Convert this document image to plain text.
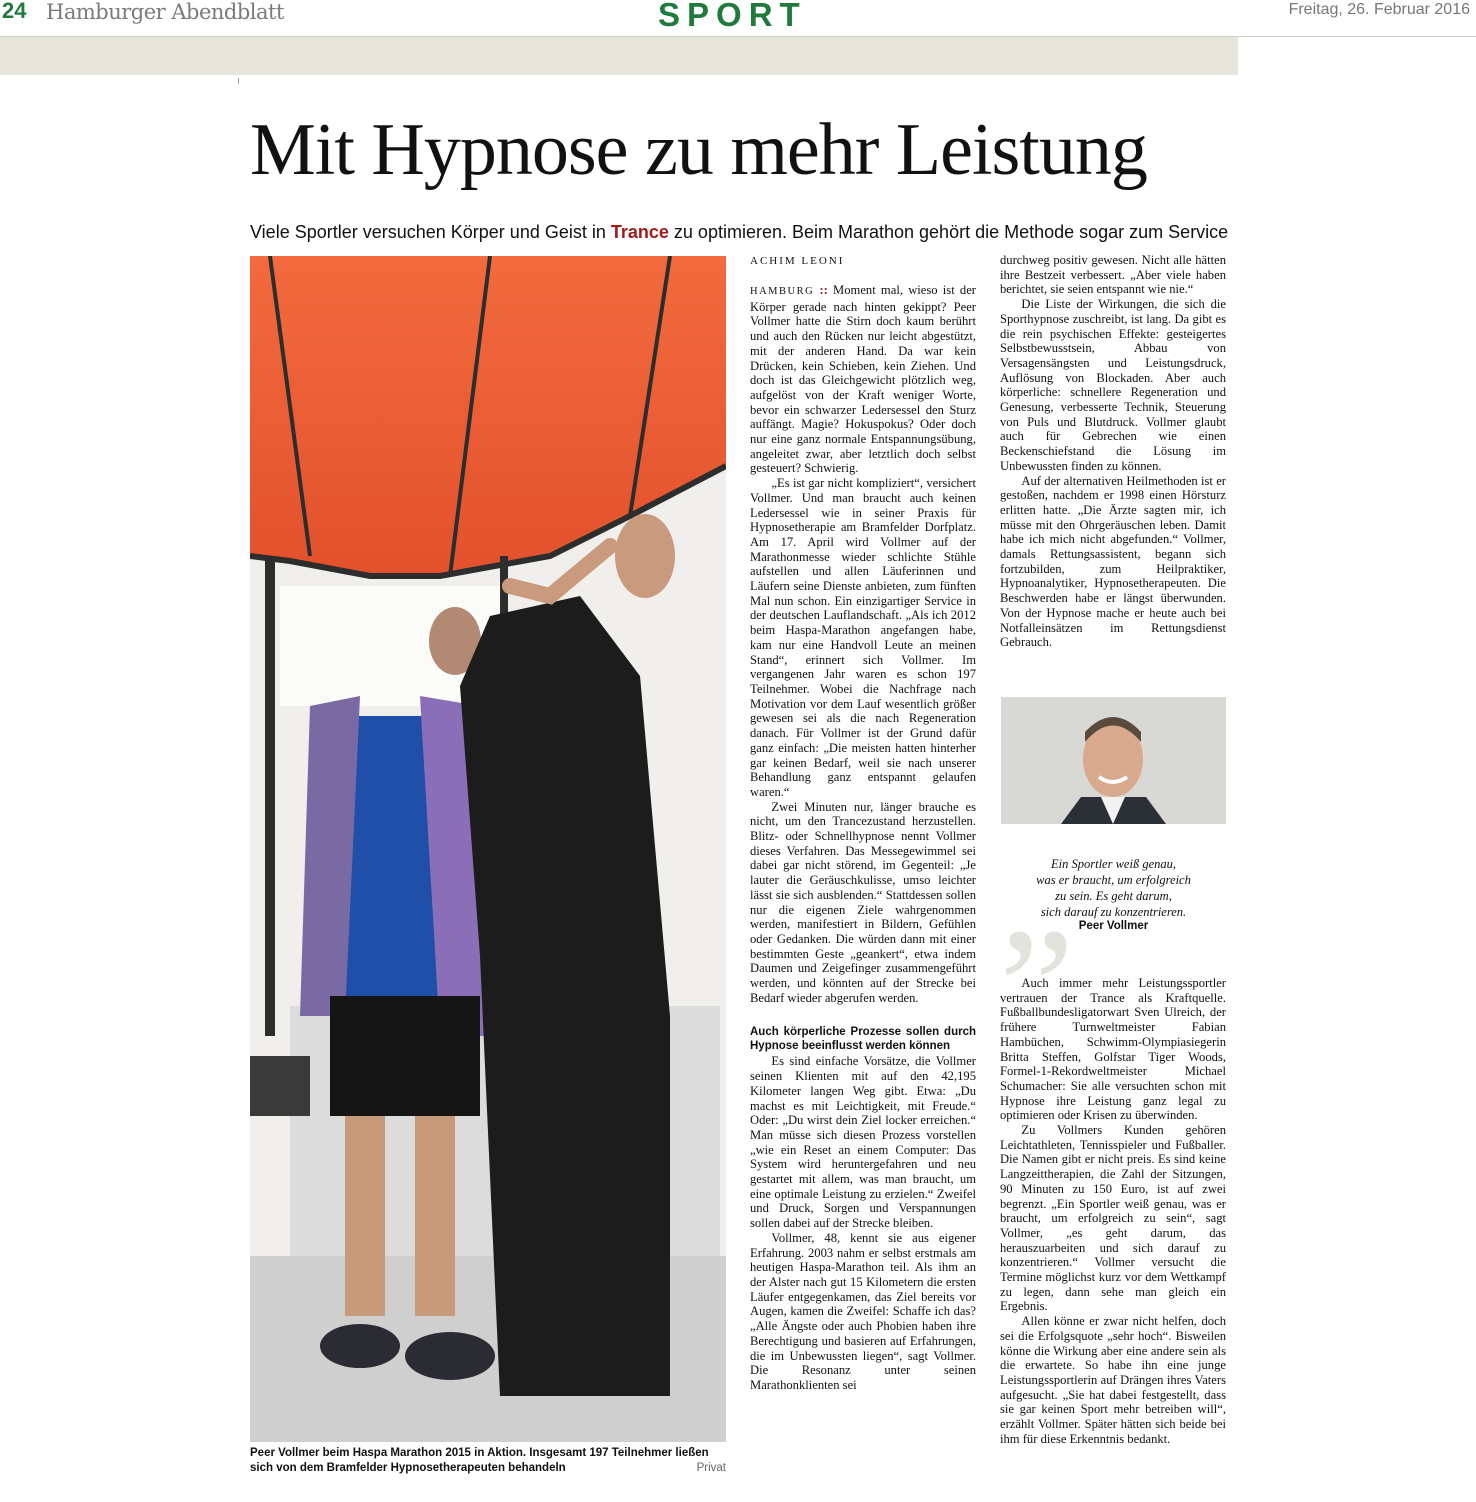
24 Hamburger Abendblatt	SPORT	Freitag, 26. Februar 2016
Mit Hypnose zu mehr Leistung
Viele Sportler versuchen Körper und Geist in Trance zu optimieren. Beim Marathon gehört die Methode sogar zum Service
Peer Vollmer beim Haspa Marathon 2015 in Aktion. Insgesamt 197 Teilnehmer ließen sich von dem Bramfelder Hypnosetherapeuten behandeln	Privat
ACHIM LEONI

HAMBURG :: Moment mal, wieso ist der Körper gerade nach hinten gekippt? Peer Vollmer hatte die Stirn doch kaum berührt und auch den Rücken nur leicht abgestützt, mit der anderen Hand. Da war kein Drücken, kein Schieben, kein Ziehen. Und doch ist das Gleichgewicht plötzlich weg, aufgelöst von der Kraft weniger Worte, bevor ein schwarzer Ledersessel den Sturz auffängt. Magie? Hokuspokus? Oder doch nur eine ganz normale Entspannungsübung, angeleitet zwar, aber letztlich doch selbst gesteuert? Schwierig.

„Es ist gar nicht kompliziert“, versichert Vollmer. Und man braucht auch keinen Ledersessel wie in seiner Praxis für Hypnosetherapie am Bramfelder Dorfplatz. Am 17. April wird Vollmer auf der Marathonmesse wieder schlichte Stühle aufstellen und allen Läuferinnen und Läufern seine Dienste anbieten, zum fünften Mal nun schon. Ein einzigartiger Service in der deutschen Lauflandschaft. „Als ich 2012 beim Haspa-Marathon angefangen habe, kam nur eine Handvoll Leute an meinen Stand“, erinnert sich Vollmer. Im vergangenen Jahr waren es schon 197 Teilnehmer. Wobei die Nachfrage nach Motivation vor dem Lauf wesentlich größer gewesen sei als die nach Regeneration danach. Für Vollmer ist der Grund dafür ganz einfach: „Die meisten hatten hinterher gar keinen Bedarf, weil sie nach unserer Behandlung ganz entspannt gelaufen waren.“

Zwei Minuten nur, länger brauche es nicht, um den Trancezustand herzustellen. Blitz- oder Schnellhypnose nennt Vollmer dieses Verfahren. Das Messegewimmel sei dabei gar nicht störend, im Gegenteil: „Je lauter die Geräuschkulisse, umso leichter lässt sie sich ausblenden.“ Stattdessen sollen nur die eigenen Ziele wahrgenommen werden, manifestiert in Bildern, Gefühlen oder Gedanken. Die würden dann mit einer bestimmten Geste „geankert“, etwa indem Daumen und Zeigefinger zusammengeführt werden, und könnten auf der Strecke bei Bedarf wieder abgerufen werden.

Auch körperliche Prozesse sollen durch Hypnose beeinflusst werden können

Es sind einfache Vorsätze, die Vollmer seinen Klienten mit auf den 42,195 Kilometer langen Weg gibt. Etwa: „Du machst es mit Leichtigkeit, mit Freude.“ Oder: „Du wirst dein Ziel locker erreichen.“ Man müsse sich diesen Prozess vorstellen „wie ein Reset an einem Computer: Das System wird heruntergefahren und neu gestartet mit allem, was man braucht, um eine optimale Leistung zu erzielen.“ Zweifel und Druck, Sorgen und Verspannungen sollen dabei auf der Strecke bleiben.

Vollmer, 48, kennt sie aus eigener Erfahrung. 2003 nahm er selbst erstmals am heutigen Haspa-Marathon teil. Als ihm an der Alster nach gut 15 Kilometern die ersten Läufer entgegenkamen, das Ziel bereits vor Augen, kamen die Zweifel: Schaffe ich das? „Alle Ängste oder auch Phobien haben ihre Berechtigung und basieren auf Erfahrungen, die im Unbewussten liegen“, sagt Vollmer. Die Resonanz unter seinen Marathonklienten sei

durchweg positiv gewesen. Nicht alle hätten ihre Bestzeit verbessert. „Aber viele haben berichtet, sie seien entspannt wie nie.“

Die Liste der Wirkungen, die sich die Sporthypnose zuschreibt, ist lang. Da gibt es die rein psychischen Effekte: gesteigertes Selbstbewusstsein, Abbau von Versagensängsten und Leistungsdruck, Auflösung von Blockaden. Aber auch körperliche: schnellere Regeneration und Genesung, verbesserte Technik, Steuerung von Puls und Blutdruck. Vollmer glaubt auch für Gebrechen wie einen Beckenschiefstand die Lösung im Unbewussten finden zu können.

Auf der alternativen Heilmethoden ist er gestoßen, nachdem er 1998 einen Hörsturz erlitten hatte. „Die Ärzte sagten mir, ich müsse mit den Ohrgeräuschen leben. Damit habe ich mich nicht abgefunden.“ Vollmer, damals Rettungsassistent, begann sich fortzubilden, zum Heilpraktiker, Hypnoanalytiker, Hypnosetherapeuten. Die Beschwerden habe er längst überwunden. Von der Hypnose mache er heute auch bei Notfalleinsätzen im Rettungsdienst Gebrauch.

„
Ein Sportler weiß genau,
was er braucht, um erfolgreich
zu sein. Es geht darum,
sich darauf zu konzentrieren.
Peer Vollmer

Auch immer mehr Leistungssportler vertrauen der Trance als Kraftquelle. Fußballbundesligatorwart Sven Ulreich, der frühere Turnweltmeister Fabian Hambüchen, Schwimm-Olympiasiegerin Britta Steffen, Golfstar Tiger Woods, Formel-1-Rekordweltmeister Michael Schumacher: Sie alle versuchten schon mit Hypnose ihre Leistung ganz legal zu optimieren oder Krisen zu überwinden.

Zu Vollmers Kunden gehören Leichtathleten, Tennisspieler und Fußballer. Die Namen gibt er nicht preis. Es sind keine Langzeittherapien, die Zahl der Sitzungen, 90 Minuten zu 150 Euro, ist auf zwei begrenzt. „Ein Sportler weiß genau, was er braucht, um erfolgreich zu sein“, sagt Vollmer, „es geht darum, das herauszuarbeiten und sich darauf zu konzentrieren.“ Vollmer versucht die Termine möglichst kurz vor dem Wettkampf zu legen, dann sehe man gleich ein Ergebnis.

Allen könne er zwar nicht helfen, doch sei die Erfolgsquote „sehr hoch“. Bisweilen könne die Wirkung aber eine andere sein als die erwartete. So habe ihn eine junge Leistungssportlerin auf Drängen ihres Vaters aufgesucht. „Sie hat dabei festgestellt, dass sie gar keinen Sport mehr betreiben will“, erzählt Vollmer. Später hätten sich beide bei ihm für diese Erkenntnis bedankt.
